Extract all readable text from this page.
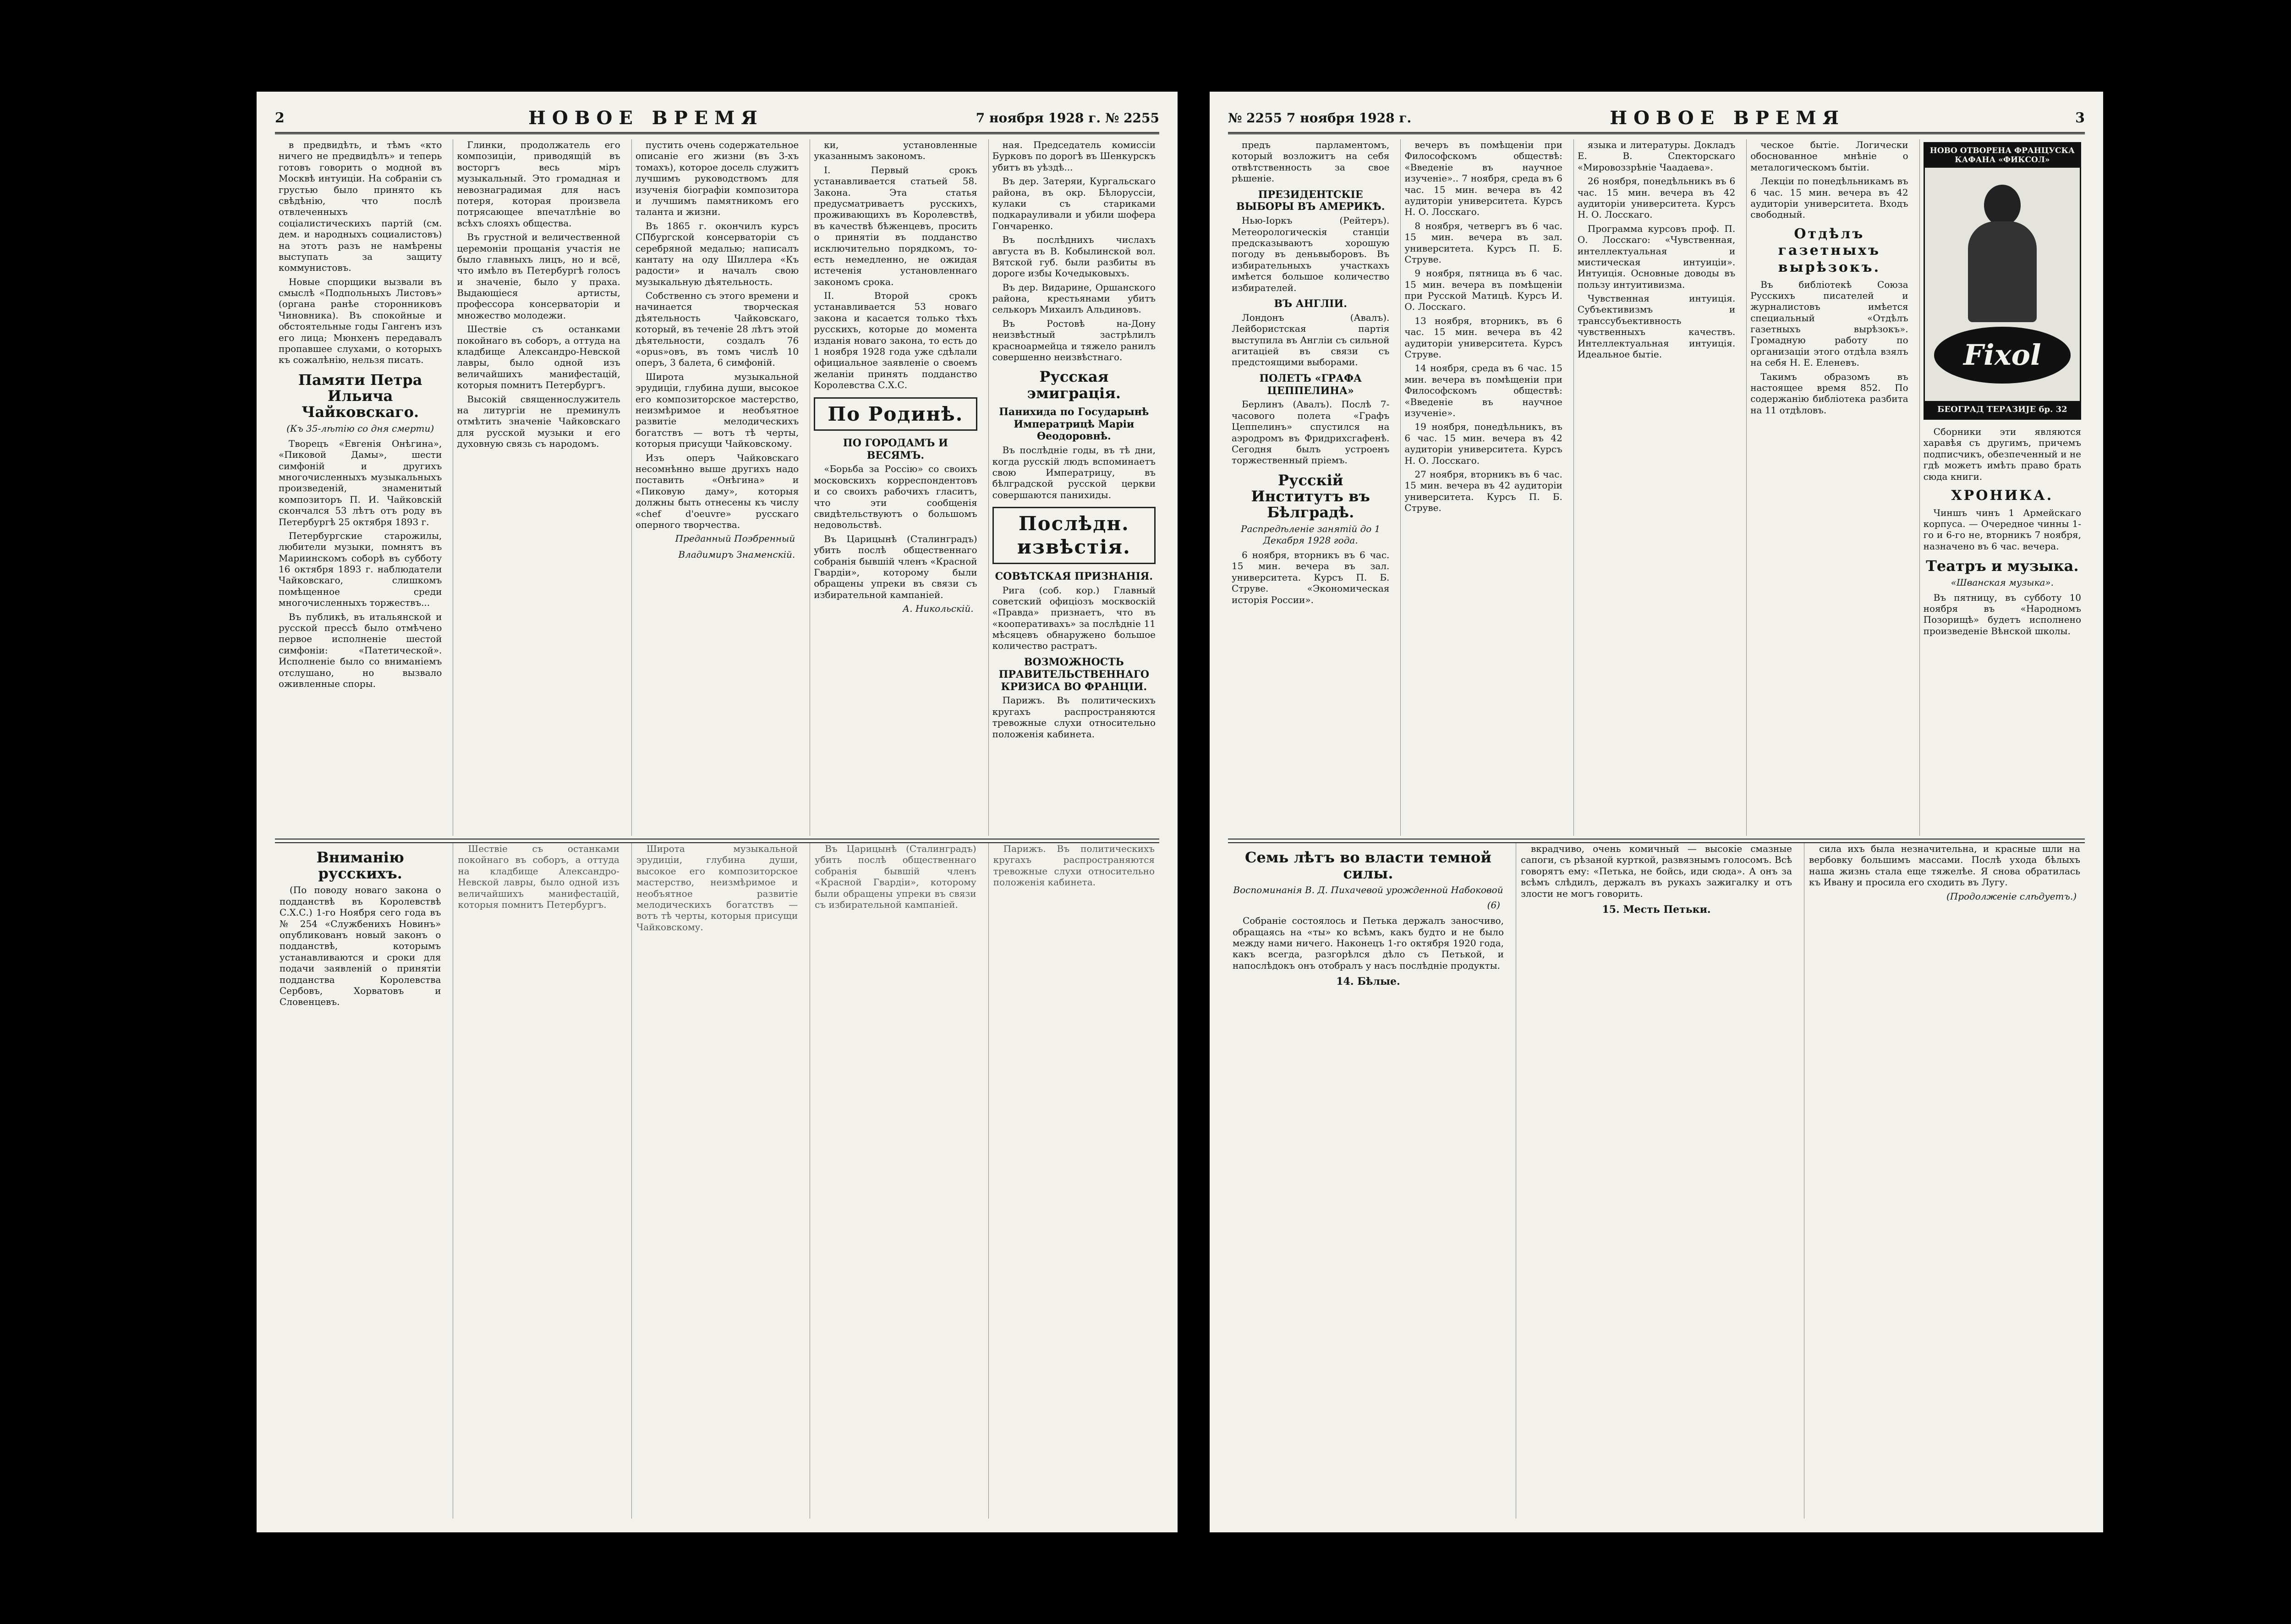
2	НОВОЕ ВРЕМЯ	7 ноября 1928 г. № 2255

в предвидѣть, и тѣмъ «кто ничего не предвидѣлъ» и теперь готовъ говорить о модной въ Москвѣ интуиціи. На собраніи съ грустью было принято къ свѣдѣнію, что послѣ отвлеченныхъ соціалистическихъ партій (см. дем. и народныхъ социалистовъ) на этотъ разъ не намѣрены выступать за защиту коммунистовъ.

Новые спорщики вызвали въ смыслѣ «Подпольныхъ Листовъ» (органа ранѣе сторонниковъ Чиновника). Въ спокойные и обстоятельные годы Гангенъ изъ его лица; Мюнхенъ передавалъ пропавшее слухами, о которыхъ къ сожалѣнію, нельзя писать.

Памяти Петра Ильича Чайковскаго.
(Къ 35-лѣтію со дня смерти)

Творецъ «Евгенія Онѣгина», «Пиковой Дамы», шести симфоній и другихъ многочисленныхъ музыкальныхъ произведеній, знаменитый композиторъ П. И. Чайковскій скончался 53 лѣтъ отъ роду въ Петербургѣ 25 октября 1893 г.

Петербургские старожилы, любители музыки, помнятъ въ Мариинскомъ соборѣ въ субботу 16 октября 1893 г. наблюдатели Чайковскаго, слишкомъ помѣщенное среди многочисленныхъ торжествъ...

Въ публикѣ, въ итальянской и русской прессѣ было отмѣчено первое исполненіе шестой симфоніи: «Патетической». Исполненіе было со вниманіемъ отслушано, но вызвало оживленные споры.

Глинки, продолжатель его композиціи, приводящій въ восторгъ весь мiръ музыкальный. Это громадная и невознаградимая для насъ потеря, которая произвела потрясающее впечатлѣніе во всѣхъ слояхъ общества.

Въ грустной и величественной церемоніи прощанія участія не было главныхъ лицъ, но и всё, что имѣло въ Петербургѣ голосъ и значеніе, было у праха. Выдающіеся артисты, профессора консерваторіи и множество молодежи.

Шествіе съ останками покойнаго въ соборъ, а оттуда на кладбище Александро-Невской лавры, было одной изъ величайшихъ манифестацій, которыя помнитъ Петербургъ.

Высокій священнослужитель на литургіи не преминулъ отмѣтить значеніе Чайковскаго для русской музыки и его духовную связь съ народомъ.

пустить очень содержательное описаніе его жизни (въ 3-хъ томахъ), которое досель служитъ лучшимъ руководствомъ для изученія біографіи композитора и лучшимъ памятникомъ его таланта и жизни.

Въ 1865 г. окончилъ курсъ СПбургской консерваторіи съ серебряной медалью; написалъ кантату на оду Шиллера «Къ радости» и началъ свою музыкальную дѣятельность.

Собственно съ этого времени и начинается творческая дѣятельность Чайковскаго, который, въ теченіе 28 лѣтъ этой дѣятельности, создалъ 76 «opus»овъ, въ томъ числѣ 10 оперъ, 3 балета, 6 симфоній.

Широта музыкальной эрудиціи, глубина души, высокое его композиторское мастерство, неизмѣримое и необъятное развитіе мелодическихъ богатствъ — вотъ тѣ черты, которыя присущи Чайковскому.

Изъ оперъ Чайковскаго несомнѣнно выше другихъ надо поставить «Онѣгина» и «Пиковую даму», которыя должны быть отнесены къ числу «chef d'oeuvre» русскаго оперного творчества.

Преданный Поэбренный
Владимиръ Знаменскій.

ки, установленные указаннымъ закономъ.

I. Первый срокъ устанавливается статьей 58. Закона. Эта статья предусматриваетъ русскихъ, проживающихъ въ Королевствѣ, въ качествѣ бѣженцевъ, просить о принятіи въ подданство исключительно порядкомъ, то-есть немедленно, не ожидая истеченія установленнаго закономъ срока.

II. Второй срокъ устанавливается 53 новаго закона и касается только тѣхъ русскихъ, которые до момента изданія новаго закона, то есть до 1 ноября 1928 года уже сдѣлали официальное заявленіе о своемъ желаніи принять подданство Королевства С.Х.С.

По Родинѣ.
ПО ГОРОДАМЪ И ВЕСЯМЪ.

«Борьба за Россію» со своихъ московскихъ корреспондентовъ и со своихъ рабочихъ гласитъ, что эти сообщенія свидѣтельствуютъ о большомъ недовольствѣ.

Въ Царицынѣ (Сталинградъ) убить послѣ общественнаго собранія бывшій членъ «Красной Гвардіи», которому были обращены упреки въ связи съ избирательной кампаніей.

А. Никольскій.

ная. Председатель комиссіи Бурковъ по дорогѣ въ Шенкурскъ убитъ въ уѣздѣ...

Въ дер. Затеряи, Кургальскаго района, въ окр. Бѣлоруссіи, кулаки съ стариками подкарауливали и убили шофера Гончаренко.

Въ послѣднихъ числахъ августа въ В. Кобылинской вол. Вятской губ. были разбиты въ дороге избы Кочедыковыхъ.

Въ дер. Видарине, Оршанского района, крестьянами убитъ селькоръ Михаилъ Альдиновъ.

Въ Ростовѣ на-Дону неизвѣстный застрѣлилъ красноармейца и тяжело ранилъ совершенно неизвѣстнаго.

Русская эмиграція.
Панихида по Государынѣ Императрицѣ Маріи Ѳеодоровнѣ.

Въ послѣдніе годы, въ тѣ дни, когда русскій людъ вспоминаетъ свою Императрицу, въ бѣлградской русской церкви совершаются панихиды.

Послѣдн. извѣстія.
СОВѢТСКАЯ ПРИЗНАНІЯ.

Рига (соб. кор.) Главный советский офиціозъ москвоскій «Правда» признаетъ, что въ «кооперативахъ» за послѣдніе 11 мѣсяцевъ обнаружено большое количество растратъ.

ВОЗМОЖНОСТЬ ПРАВИТЕЛЬСТВЕННАГО КРИЗИСА ВО ФРАНЦІИ.

Парижъ. Въ политическихъ кругахъ распространяются тревожные слухи относительно положенія кабинета.

Вниманію русскихъ.

(По поводу новаго закона о подданствѣ въ Королевствѣ С.Х.С.) 1-го Ноября сего года въ № 254 «Службенихъ Новинъ» опубликованъ новый законъ о подданствѣ, которымъ устанавливаются и сроки для подачи заявленій о принятіи подданства Королевства Сербовъ, Хорватовъ и Словенцевъ.

Шествіе съ останками покойнаго въ соборъ, а оттуда на кладбище Александро-Невской лавры, было одной изъ величайшихъ манифестацій, которыя помнитъ Петербургъ.

Широта музыкальной эрудиціи, глубина души, высокое его композиторское мастерство, неизмѣримое и необъятное развитіе мелодическихъ богатствъ — вотъ тѣ черты, которыя присущи Чайковскому.

Въ Царицынѣ (Сталинградъ) убить послѣ общественнаго собранія бывшій членъ «Красной Гвардіи», которому были обращены упреки въ связи съ избирательной кампаніей.

Парижъ. Въ политическихъ кругахъ распространяются тревожные слухи относительно положенія кабинета.

№ 2255 7 ноября 1928 г.	НОВОЕ ВРЕМЯ	3

предъ парламентомъ, который возложитъ на себя отвѣтственность за свое рѣшеніе.

ПРЕЗИДЕНТСКІЕ ВЫБОРЫ ВЪ АМЕРИКѢ.

Нью-Іоркъ (Рейтеръ). Метеорологическія станціи предсказываютъ хорошую погоду въ деньвыборовъ. Въ избирательныхъ участкахъ имѣется большое количество избирателей.

ВЪ АНГЛІИ.

Лондонъ (Авалъ). Лейбористская партія выступила въ Англіи съ сильной агитаціей въ связи съ предстоящими выборами.

ПОЛЕТЪ «ГРАФА ЦЕППЕЛИНА»

Берлинъ (Авалъ). Послѣ 7-часового полета «Графъ Цеппелинъ» спустился на аэродромъ въ Фридрихсгафенѣ. Сегодня былъ устроенъ торжественный пріемъ.

Русскій Институтъ въ Бѣлградѣ.
Распредѣленіе занятій до 1 Декабря 1928 года.

6 ноября, вторникъ въ 6 час. 15 мин. вечера въ зал. университета. Курсъ П. Б. Струве. «Экономическая исторія России».

вечеръ въ помѣщеніи при Философскомъ обществѣ: «Введеніе въ научное изученіе».. 7 ноября, среда въ 6 час. 15 мин. вечера въ 42 аудиторіи университета. Курсъ Н. О. Лосскаго.

8 ноября, четвергъ въ 6 час. 15 мин. вечера въ зал. университета. Курсъ П. Б. Струве.

9 ноября, пятница въ 6 час. 15 мин. вечера въ помѣщеніи при Русской Матицѣ. Курсъ И. О. Лосскаго.

13 ноября, вторникъ, въ 6 час. 15 мин. вечера въ 42 аудиторіи университета. Курсъ Струве.

14 ноября, среда въ 6 час. 15 мин. вечера въ помѣщеніи при Философскомъ обществѣ: «Введеніе въ научное изученіе».

19 ноября, понедѣльникъ, въ 6 час. 15 мин. вечера въ 42 аудиторіи университета. Курсъ Н. О. Лосскаго.

27 ноября, вторникъ въ 6 час. 15 мин. вечера въ 42 аудиторіи университета. Курсъ П. Б. Струве.

языка и литературы. Докладъ Е. В. Спекторскаго «Мировоззрѣніе Чаадаева».

26 ноября, понедѣльникъ въ 6 час. 15 мин. вечера въ 42 аудиторіи университета. Курсъ Н. О. Лосскаго.

Программа курсовъ проф. П. О. Лосскаго: «Чувственная, интеллектуальная и мистическая интуиціи». Интуиція. Основные доводы въ пользу интуитивизма.

Чувственная интуиція. Субъективизмъ и транссубъективность чувственныхъ качествъ. Интеллектуальная интуиція. Идеальное бытіе.

ческое бытіе. Логически обоснованное мнѣніе о металогическомъ бытіи.

Лекціи по понедѣльникамъ въ 6 час. 15 мин. вечера въ 42 аудиторіи университета. Входъ свободный.

Отдѣлъ газетныхъ вырѣзокъ.

Въ библіотекѣ Союза Русскихъ писателей и журналистовъ имѣется специальный «Отдѣлъ газетныхъ вырѣзокъ». Громадную работу по организаціи этого отдѣла взялъ на себя Н. Е. Еленевъ.

Такимъ образомъ въ настоящее время 852. По содержанію библіотека разбита на 11 отдѣловъ.

НОВО ОТВОРЕНА ФРАНЦУСКА КАФАНА «ФИКСОЛ»
Fixol
БЕОГРАД ТЕРАЗИЈЕ бр. 32

Сборники эти являются харавѣя съ другимъ, причемъ подписчикъ, обезпеченный и не гдѣ можетъ имѣть право брать сюда книги.

ХРОНИКА.

Чиншъ чинъ 1 Армейскаго корпуса. — Очередное чинны 1-го и 6-го не, вторникъ 7 ноября, назначено въ 6 час. вечера.

Театръ и музыка.
«Шванская музыка».

Въ пятницу, въ субботу 10 ноября въ «Народномъ Позорищѣ» будетъ исполнено произведеніе Вѣнской школы.

Семь лѣтъ во власти темной силы.
Воспоминанія В. Д. Пихачевой урожденной Набоковой
(6)

Собраніе состоялось и Петька держалъ заносчиво, обращаясь на «ты» ко всѣмъ, какъ будто и не было между нами ничего. Наконецъ 1-го октября 1920 года, какъ всегда, разгорѣлся дѣло съ Петькой, и напослѣдокъ онъ отобралъ у насъ послѣдніе продукты.

14. Бѣлые.

вкрадчиво, очень комичный — высокіе смазные сапоги, съ рѣзаной курткой, развязнымъ голосомъ. Всѣ говорятъ ему: «Петька, не бойсь, иди сюда». А онъ за всѣмъ слѣдилъ, держалъ въ рукахъ зажигалку и отъ злости не могъ говорить.

15. Месть Петьки.

сила ихъ была незначительна, и красные шли на вербовку большимъ массами. Послѣ ухода бѣлыхъ наша жизнь стала еще тяжелѣе. Я снова обратилась къ Ивану и просила его сходить въ Лугу.

(Продолженіе слѣдуетъ.)
